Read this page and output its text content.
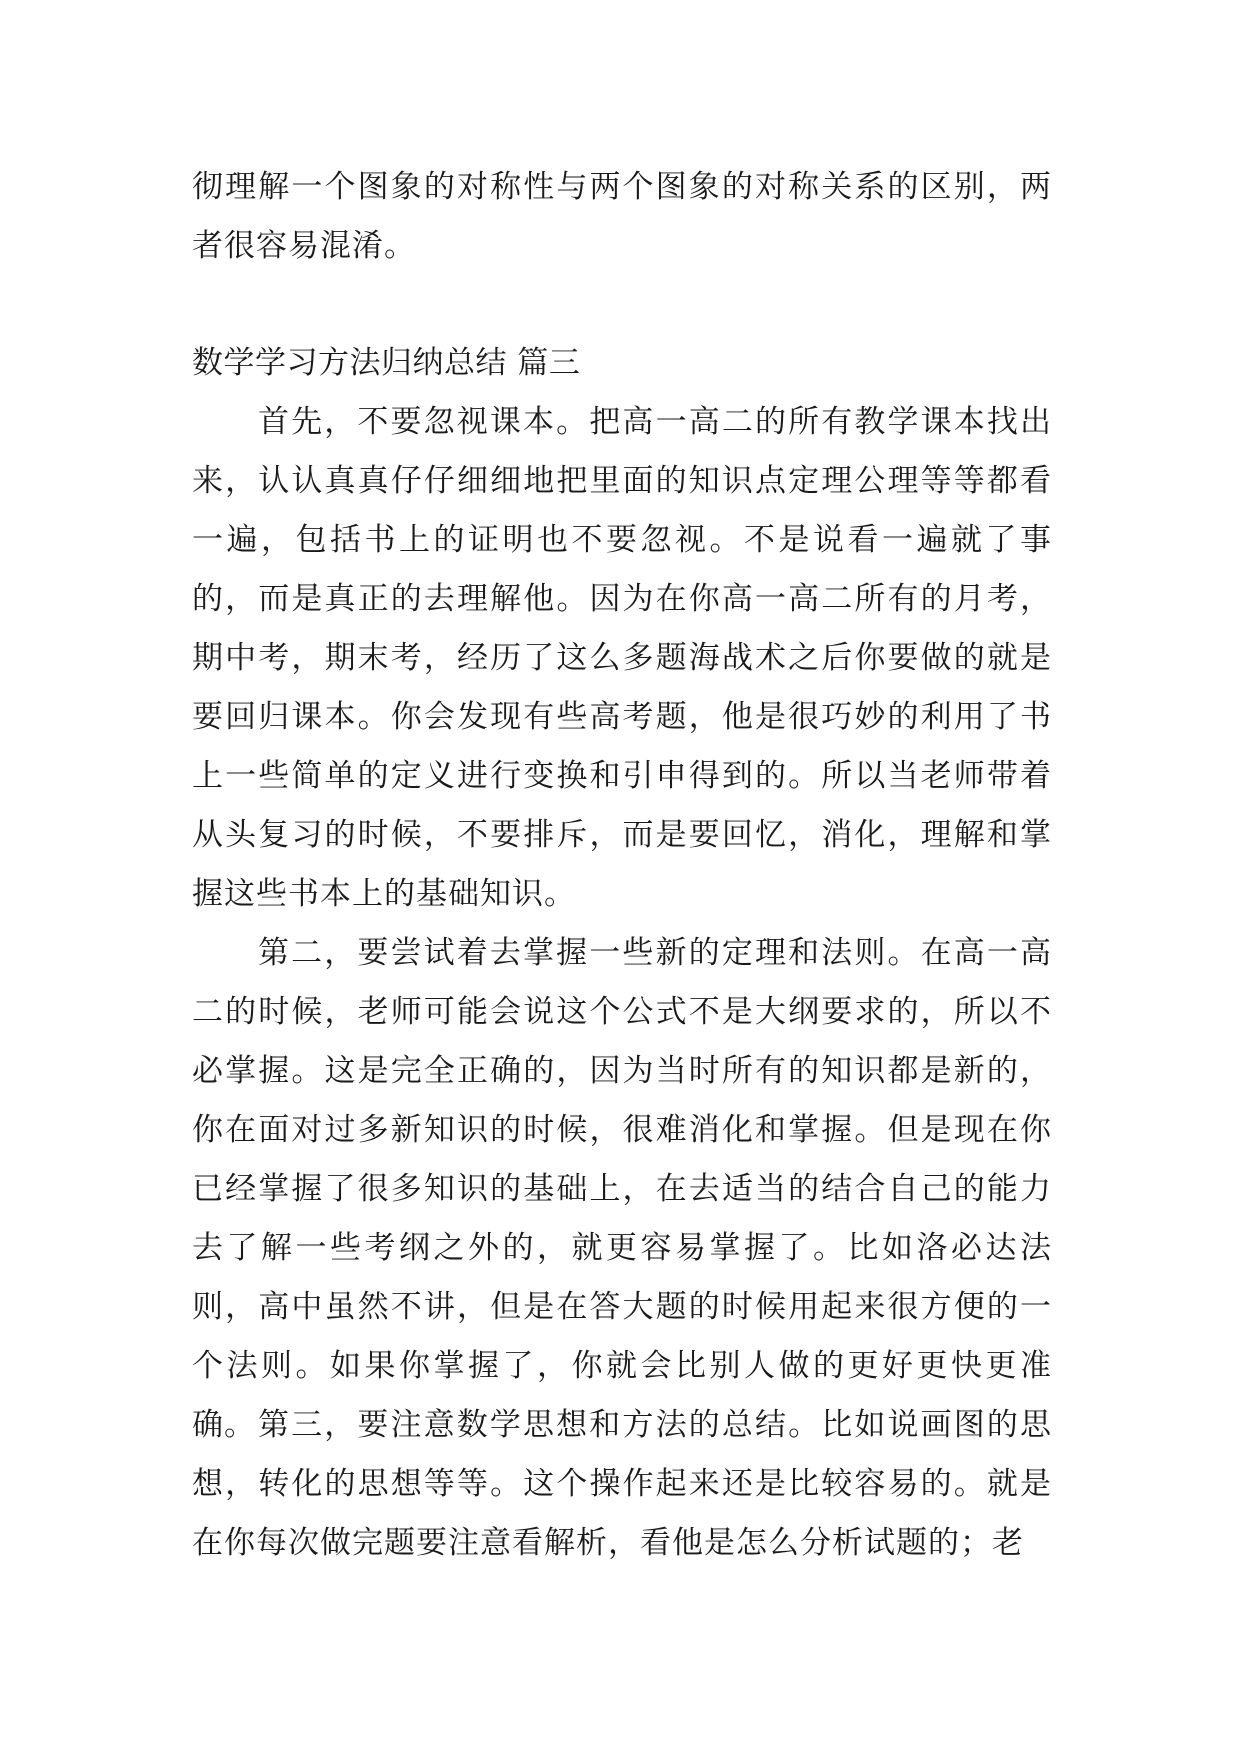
彻理解一个图象的对称性与两个图象的对称关系的区别，两者很容易混淆。

数学学习方法归纳总结 篇三

首先，不要忽视课本。把高一高二的所有教学课本找出来，认认真真仔仔细细地把里面的知识点定理公理等等都看一遍，包括书上的证明也不要忽视。不是说看一遍就了事的，而是真正的去理解他。因为在你高一高二所有的月考，期中考，期末考，经历了这么多题海战术之后你要做的就是要回归课本。你会发现有些高考题，他是很巧妙的利用了书上一些简单的定义进行变换和引申得到的。所以当老师带着从头复习的时候，不要排斥，而是要回忆，消化，理解和掌握这些书本上的基础知识。

第二，要尝试着去掌握一些新的定理和法则。在高一高二的时候，老师可能会说这个公式不是大纲要求的，所以不必掌握。这是完全正确的，因为当时所有的知识都是新的，你在面对过多新知识的时候，很难消化和掌握。但是现在你已经掌握了很多知识的基础上，在去适当的结合自己的能力去了解一些考纲之外的，就更容易掌握了。比如洛必达法则，高中虽然不讲，但是在答大题的时候用起来很方便的一个法则。如果你掌握了，你就会比别人做的更好更快更准确。 第三，要注意数学思想和方法的总结。比如说画图的思想，转化的思想等等。这个操作起来还是比较容易的。就是在你每次做完题要注意看解析，看他是怎么分析试题的；老
